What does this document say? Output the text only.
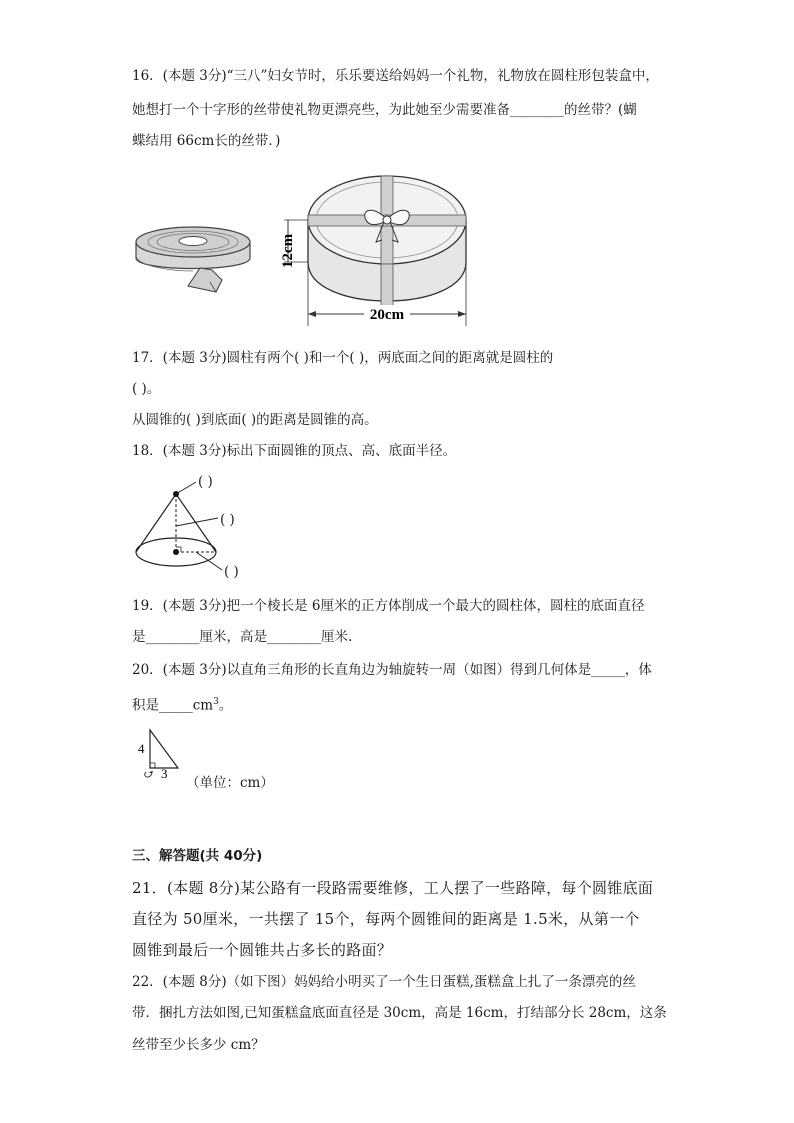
16．(本题 3分)“三八”妇女节时，乐乐要送给妈妈一个礼物，礼物放在圆柱形包装盒中，
她想打一个十字形的丝带使礼物更漂亮些，为此她至少需要准备________的丝带？(蝴
蝶结用 66cm长的丝带．)
12cm
20cm
17．(本题 3分)圆柱有两个( )和一个( )，两底面之间的距离就是圆柱的
( )。
从圆锥的( )到底面( )的距离是圆锥的高。
18．(本题 3分)标出下面圆锥的顶点、高、底面半径。
( )
( )
( )
19．(本题 3分)把一个棱长是 6厘米的正方体削成一个最大的圆柱体，圆柱的底面直径
是________厘米，高是________厘米.
20．(本题 3分)以直角三角形的长直角边为轴旋转一周（如图）得到几何体是_____，体
积是$\_\_\_\_\_cm^3$。
4
3
（单位：cm）
三、解答题(共 40分)
21．(本题 8分)某公路有一段路需要维修，工人摆了一些路障，每个圆锥底面
直径为 50厘米，一共摆了 15个，每两个圆锥间的距离是 1.5米，从第一个
圆锥到最后一个圆锥共占多长的路面？
22．(本题 8分)（如下图）妈妈给小明买了一个生日蛋糕,蛋糕盒上扎了一条漂亮的丝
带．捆扎方法如图,已知蛋糕盒底面直径是 30cm，高是 16cm，打结部分长 28cm，这条
丝带至少长多少 cm？
